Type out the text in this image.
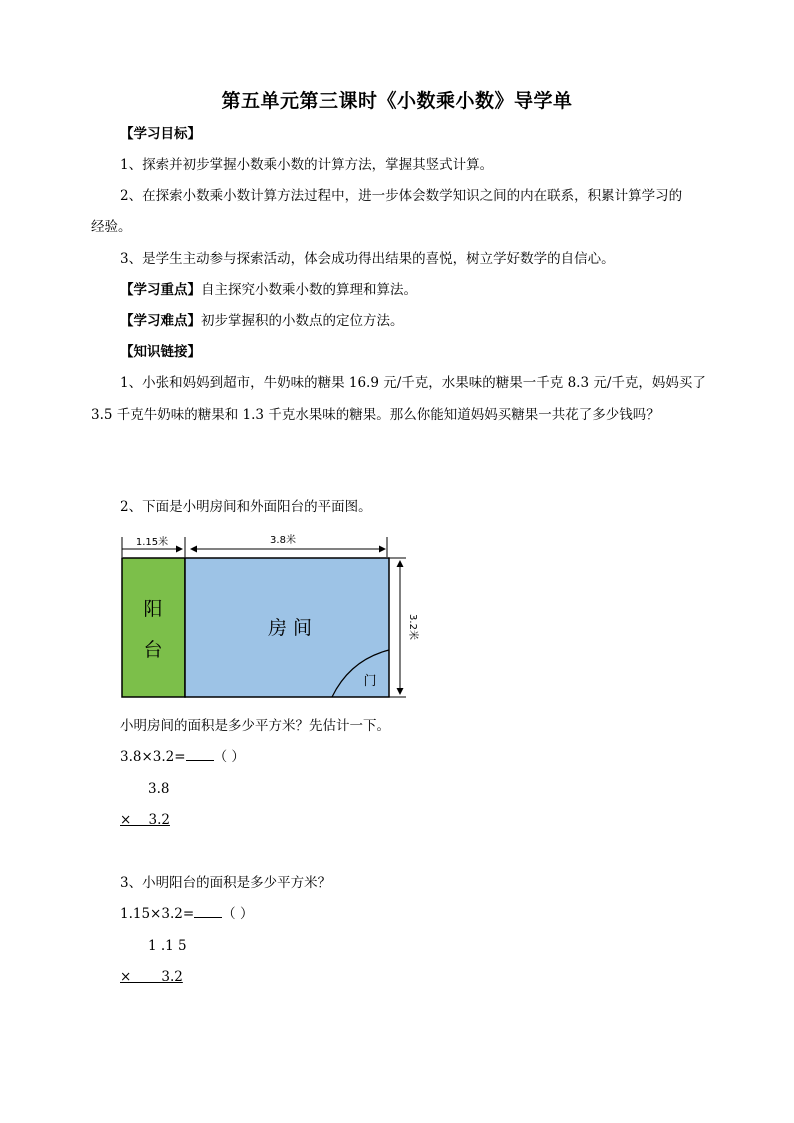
第五单元第三课时《小数乘小数》导学单
【学习目标】
1、探索并初步掌握小数乘小数的计算方法，掌握其竖式计算。
2、在探索小数乘小数计算方法过程中，进一步体会数学知识之间的内在联系，积累计算学习的
经验。
3、是学生主动参与探索活动，体会成功得出结果的喜悦，树立学好数学的自信心。
【学习重点】自主探究小数乘小数的算理和算法。
【学习难点】初步掌握积的小数点的定位方法。
【知识链接】
1、小张和妈妈到超市，牛奶味的糖果 16.9 元/千克，水果味的糖果一千克 8.3 元/千克，妈妈买了
3.5 千克牛奶味的糖果和 1.3 千克水果味的糖果。那么你能知道妈妈买糖果一共花了多少钱吗？
2、下面是小明房间和外面阳台的平面图。
1.15米	3.8米
阳
台
房 间
门
3.2米
小明房间的面积是多少平方米？先估计一下。
3.8×3.2= （ ）
3.8
×    3.2
3、小明阳台的面积是多少平方米？
1.15×3.2= （ ）
1 .1 5
×       3.2
